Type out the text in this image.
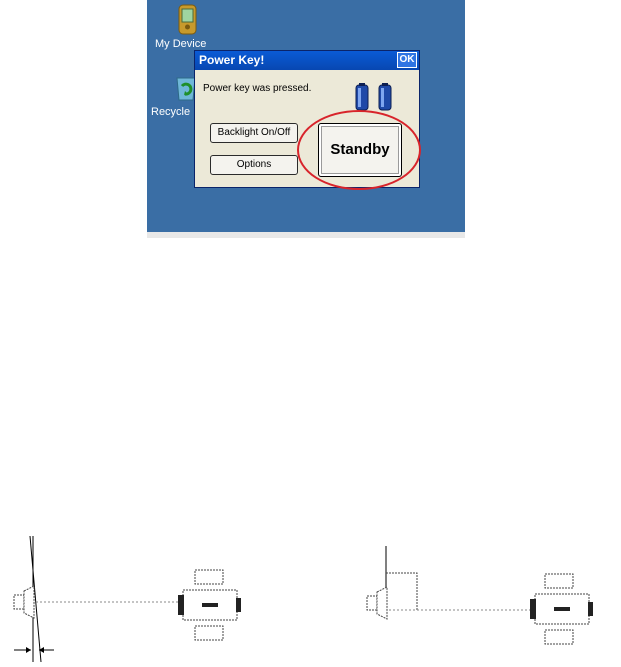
My Device
Recycle
Power Key!	OK
Power key was pressed.
Backlight On/Off
Options
Standby
